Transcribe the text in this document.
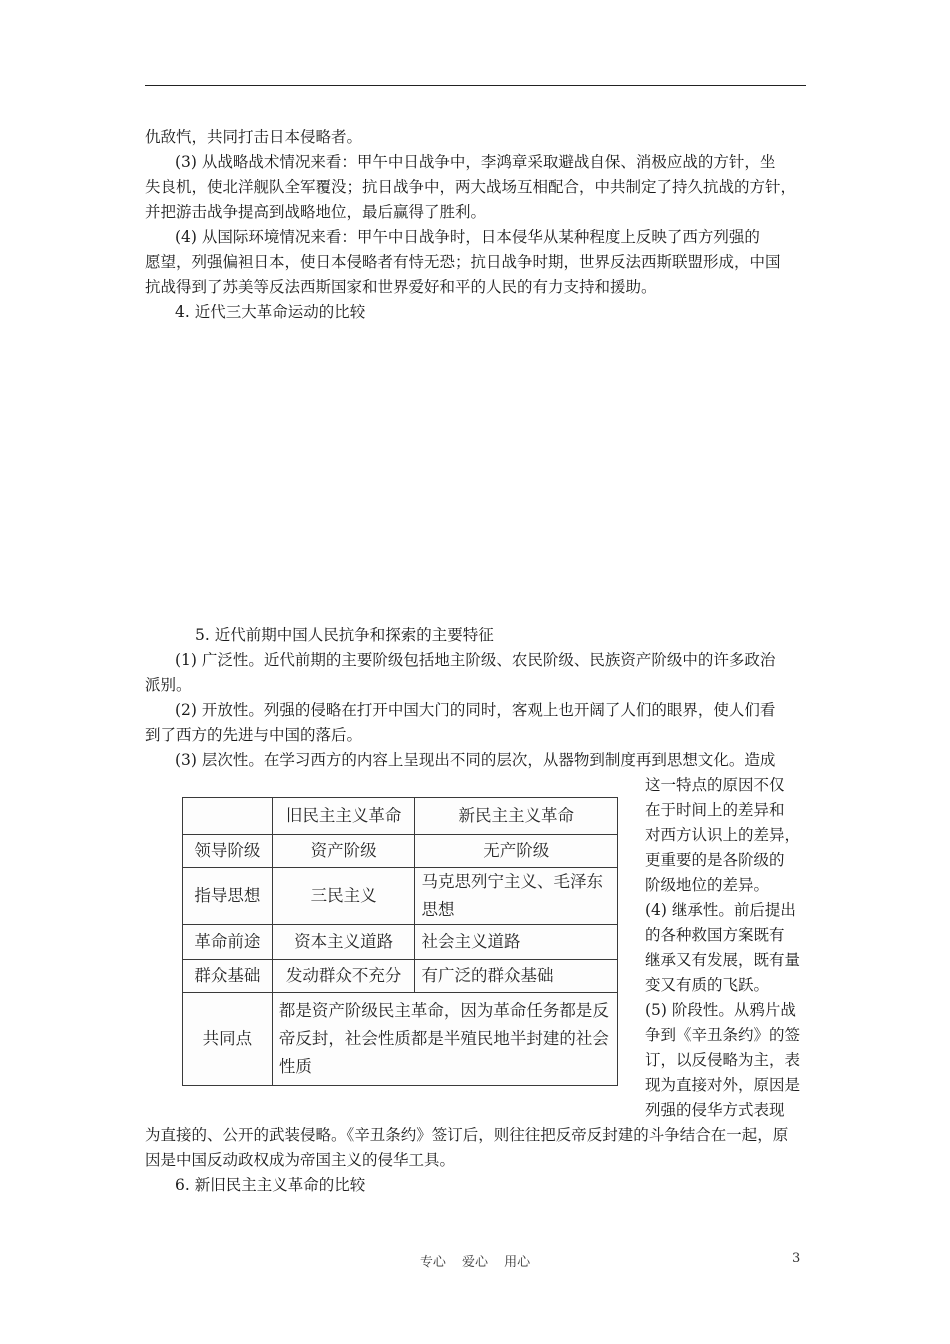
仇敌忾，共同打击日本侵略者。
(3) 从战略战术情况来看：甲午中日战争中，李鸿章采取避战自保、消极应战的方针，坐
失良机，使北洋舰队全军覆没；抗日战争中，两大战场互相配合，中共制定了持久抗战的方针，
并把游击战争提高到战略地位，最后赢得了胜利。
(4) 从国际环境情况来看：甲午中日战争时，日本侵华从某种程度上反映了西方列强的
愿望，列强偏袒日本，使日本侵略者有恃无恐；抗日战争时期，世界反法西斯联盟形成，中国
抗战得到了苏美等反法西斯国家和世界爱好和平的人民的有力支持和援助。
4. 近代三大革命运动的比较
5. 近代前期中国人民抗争和探索的主要特征
(1) 广泛性。近代前期的主要阶级包括地主阶级、农民阶级、民族资产阶级中的许多政治
派别。
(2) 开放性。列强的侵略在打开中国大门的同时，客观上也开阔了人们的眼界，使人们看
到了西方的先进与中国的落后。
(3) 层次性。在学习西方的内容上呈现出不同的层次，从器物到制度再到思想文化。造成
这一特点的原因不仅
在于时间上的差异和
对西方认识上的差异，
更重要的是各阶级的
阶级地位的差异。
(4) 继承性。前后提出
的各种救国方案既有
继承又有发展，既有量
变又有质的飞跃。
(5) 阶段性。从鸦片战
争到《辛丑条约》的签
订，以反侵略为主，表
现为直接对外，原因是
列强的侵华方式表现
为直接的、公开的武装侵略。《辛丑条约》签订后，则往往把反帝反封建的斗争结合在一起，原
因是中国反动政权成为帝国主义的侵华工具。
6. 新旧民主主义革命的比较
	旧民主主义革命	新民主主义革命
领导阶级	资产阶级	无产阶级
指导思想	三民主义	马克思列宁主义、毛泽东思想
革命前途	资本主义道路	社会主义道路
群众基础	发动群众不充分	有广泛的群众基础
共同点	都是资产阶级民主革命，因为革命任务都是反帝反封，社会性质都是半殖民地半封建的社会性质	
专心 爱心 用心	3
